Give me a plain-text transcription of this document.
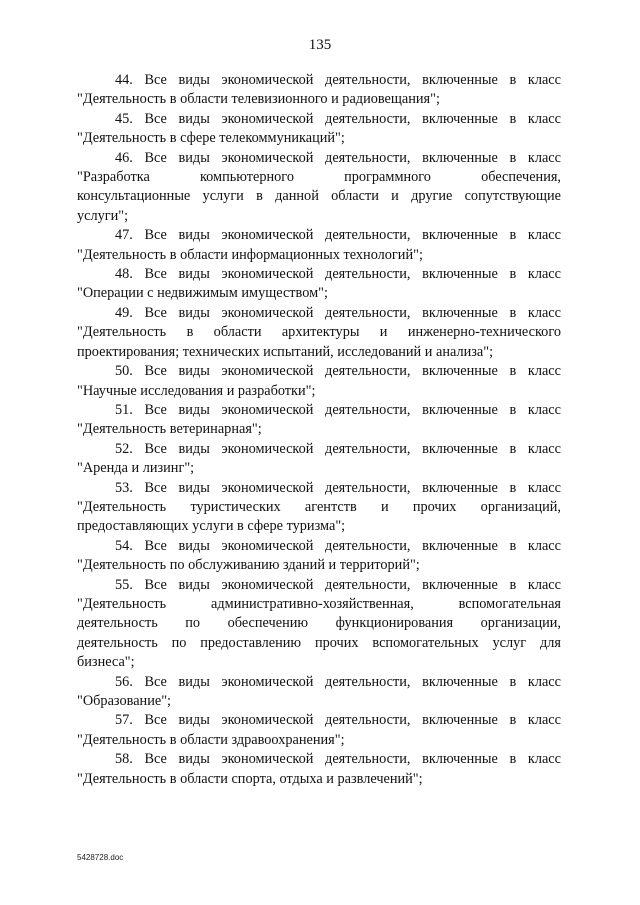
135

44. Все виды экономической деятельности, включенные в класс
"Деятельность в области телевизионного и радиовещания";

45. Все виды экономической деятельности, включенные в класс
"Деятельность в сфере телекоммуникаций";

46. Все виды экономической деятельности, включенные в класс
"Разработка компьютерного программного обеспечения,
консультационные услуги в данной области и другие сопутствующие
услуги";

47. Все виды экономической деятельности, включенные в класс
"Деятельность в области информационных технологий";

48. Все виды экономической деятельности, включенные в класс
"Операции с недвижимым имуществом";

49. Все виды экономической деятельности, включенные в класс
"Деятельность в области архитектуры и инженерно-технического
проектирования; технических испытаний, исследований и анализа";

50. Все виды экономической деятельности, включенные в класс
"Научные исследования и разработки";

51. Все виды экономической деятельности, включенные в класс
"Деятельность ветеринарная";

52. Все виды экономической деятельности, включенные в класс
"Аренда и лизинг";

53. Все виды экономической деятельности, включенные в класс
"Деятельность туристических агентств и прочих организаций,
предоставляющих услуги в сфере туризма";

54. Все виды экономической деятельности, включенные в класс
"Деятельность по обслуживанию зданий и территорий";

55. Все виды экономической деятельности, включенные в класс
"Деятельность административно-хозяйственная, вспомогательная
деятельность по обеспечению функционирования организации,
деятельность по предоставлению прочих вспомогательных услуг для
бизнеса";

56. Все виды экономической деятельности, включенные в класс
"Образование";

57. Все виды экономической деятельности, включенные в класс
"Деятельность в области здравоохранения";

58. Все виды экономической деятельности, включенные в класс
"Деятельность в области спорта, отдыха и развлечений";

5428728.doc
